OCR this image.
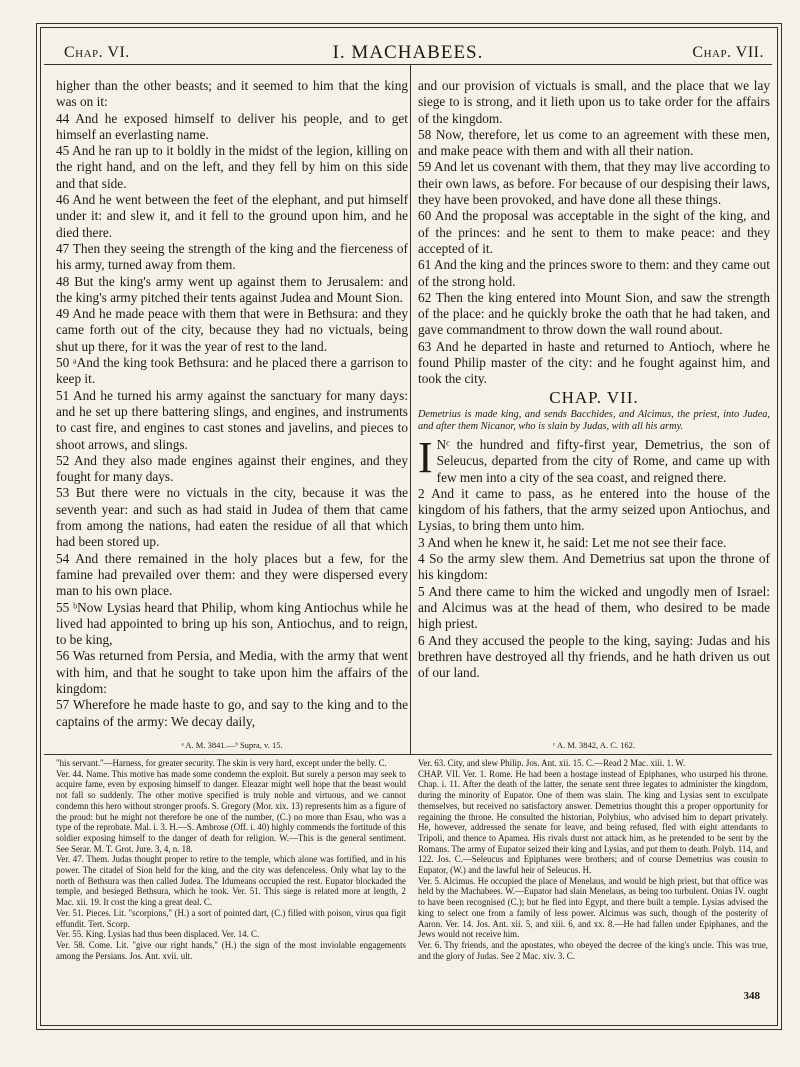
Chap. VI.	I. MACHABEES.	Chap. VII.

higher than the other beasts; and it seemed to him that the king was on it:

44 And he exposed himself to deliver his people, and to get himself an everlasting name.

45 And he ran up to it boldly in the midst of the legion, killing on the right hand, and on the left, and they fell by him on this side and that side.

46 And he went between the feet of the elephant, and put himself under it: and slew it, and it fell to the ground upon him, and he died there.

47 Then they seeing the strength of the king and the fierceness of his army, turned away from them.

48 But the king's army went up against them to Jerusalem: and the king's army pitched their tents against Judea and Mount Sion.

49 And he made peace with them that were in Bethsura: and they came forth out of the city, because they had no victuals, being shut up there, for it was the year of rest to the land.

50 ᵃAnd the king took Bethsura: and he placed there a garrison to keep it.

51 And he turned his army against the sanctuary for many days: and he set up there battering slings, and engines, and instruments to cast fire, and engines to cast stones and javelins, and pieces to shoot arrows, and slings.

52 And they also made engines against their engines, and they fought for many days.

53 But there were no victuals in the city, because it was the seventh year: and such as had staid in Judea of them that came from among the nations, had eaten the residue of all that which had been stored up.

54 And there remained in the holy places but a few, for the famine had prevailed over them: and they were dispersed every man to his own place.

55 ᵇNow Lysias heard that Philip, whom king Antiochus while he lived had appointed to bring up his son, Antiochus, and to reign, to be king,

56 Was returned from Persia, and Media, with the army that went with him, and that he sought to take upon him the affairs of the kingdom:

57 Wherefore he made haste to go, and say to the king and to the captains of the army: We decay daily,

and our provision of victuals is small, and the place that we lay siege to is strong, and it lieth upon us to take order for the affairs of the kingdom.

58 Now, therefore, let us come to an agreement with these men, and make peace with them and with all their nation.

59 And let us covenant with them, that they may live according to their own laws, as before. For because of our despising their laws, they have been provoked, and have done all these things.

60 And the proposal was acceptable in the sight of the king, and of the princes: and he sent to them to make peace: and they accepted of it.

61 And the king and the princes swore to them: and they came out of the strong hold.

62 Then the king entered into Mount Sion, and saw the strength of the place: and he quickly broke the oath that he had taken, and gave commandment to throw down the wall round about.

63 And he departed in haste and returned to Antioch, where he found Philip master of the city: and he fought against him, and took the city.

CHAP. VII.

Demetrius is made king, and sends Bacchides, and Alcimus, the priest, into Judea, and after them Nicanor, who is slain by Judas, with all his army.

INᶜ the hundred and fifty-first year, Demetrius, the son of Seleucus, departed from the city of Rome, and came up with few men into a city of the sea coast, and reigned there.

2 And it came to pass, as he entered into the house of the kingdom of his fathers, that the army seized upon Antiochus, and Lysias, to bring them unto him.

3 And when he knew it, he said: Let me not see their face.

4 So the army slew them. And Demetrius sat upon the throne of his kingdom:

5 And there came to him the wicked and ungodly men of Israel: and Alcimus was at the head of them, who desired to be made high priest.

6 And they accused the people to the king, saying: Judas and his brethren have destroyed all thy friends, and he hath driven us out of our land.

ᵃ A. M. 3841.—ᵇ Supra, v. 15.	ᶜ A. M. 3842, A. C. 162.

"his servant."—Harness, for greater security. The skin is very hard, except under the belly. C.

Ver. 44. Name. This motive has made some condemn the exploit. But surely a person may seek to acquire fame, even by exposing himself to danger. Eleazar might well hope that the beast would not fall so suddenly. The other motive specified is truly noble and virtuous, and we cannot condemn this hero without stronger proofs. S. Gregory (Mor. xix. 13) represents him as a figure of the proud: but he might not therefore be one of the number, (C.) no more than Esau, who was a type of the reprobate. Mal. i. 3. H.—S. Ambrose (Off. i. 40) highly commends the fortitude of this soldier exposing himself to the danger of death for religion. W.—This is the general sentiment. See Serar. M. T. Grot. Jure. 3, 4, n. 18.

Ver. 47. Them. Judas thought proper to retire to the temple, which alone was fortified, and in his power. The citadel of Sion held for the king, and the city was defenceless. Only what lay to the north of Bethsura was then called Judea. The Idumeans occupied the rest. Eupator blockaded the temple, and besieged Bethsura, which he took. Ver. 51. This siege is related more at length, 2 Mac. xii. 19. It cost the king a great deal. C.

Ver. 51. Pieces. Lit. "scorpions," (H.) a sort of pointed dart, (C.) filled with poison, virus qua figit effundit. Tert. Scorp.

Ver. 55. King. Lysias had thus been displaced. Ver. 14. C.

Ver. 58. Come. Lit. "give our right hands," (H.) the sign of the most inviolable engagements among the Persians. Jos. Ant. xvii. ult.

Ver. 63. City, and slew Philip. Jos. Ant. xii. 15. C.—Read 2 Mac. xiii. 1. W.

CHAP. VII. Ver. 1. Rome. He had been a hostage instead of Epiphanes, who usurped his throne. Chap. i. 11. After the death of the latter, the senate sent three legates to administer the kingdom, during the minority of Eupator. One of them was slain. The king and Lysias sent to exculpate themselves, but received no satisfactory answer. Demetrius thought this a proper opportunity for regaining the throne. He consulted the historian, Polybius, who advised him to depart privately. He, however, addressed the senate for leave, and being refused, fled with eight attendants to Tripoli, and thence to Apamea. His rivals durst not attack him, as he pretended to be sent by the Romans. The army of Eupator seized their king and Lysias, and put them to death. Polyb. 114, and 122. Jos. C.—Seleucus and Epiphanes were brothers; and of course Demetrius was cousin to Eupator, (W.) and the lawful heir of Seleucus. H.

Ver. 5. Alcimus. He occupied the place of Menelaus, and would be high priest, but that office was held by the Machabees. W.—Eupator had slain Menelaus, as being too turbulent. Onias IV. ought to have been recognised (C.); but he fled into Egypt, and there built a temple. Lysias advised the king to select one from a family of less power. Alcimus was such, though of the posterity of Aaron. Ver. 14. Jos. Ant. xii. 5, and xiii. 6, and xx. 8.—He had fallen under Epiphanes, and the Jews would not receive him.

Ver. 6. Thy friends, and the apostates, who obeyed the decree of the king's uncle. This was true, and the glory of Judas. See 2 Mac. xiv. 3. C.

348
